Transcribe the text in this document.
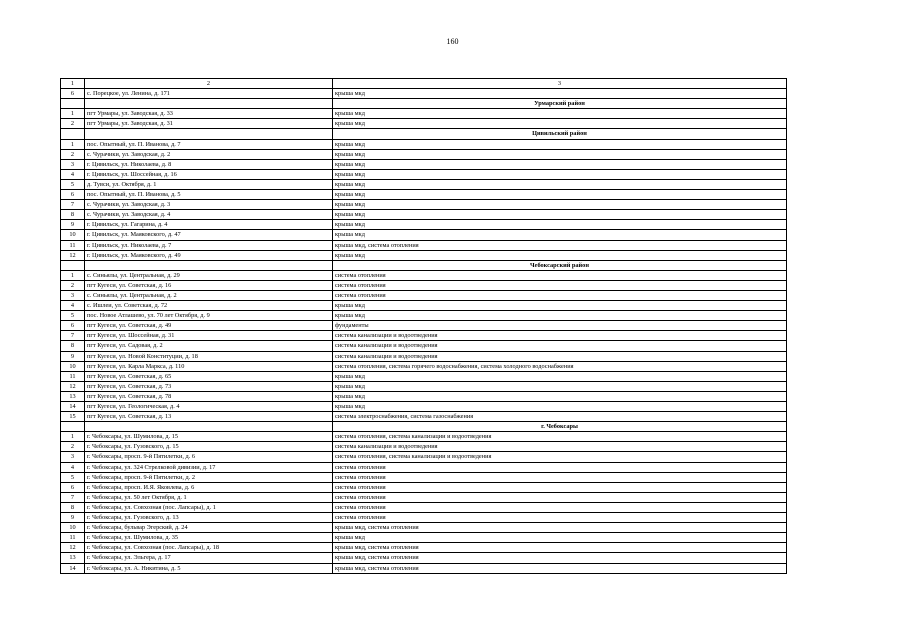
160
1	2	3
6	с. Порецкое, ул. Ленина, д. 171	крыша мкд
		Урмарский район
1	пгт Урмары, ул. Заводская, д. 33	крыша мкд
2	пгт Урмары, ул. Заводская, д. 31	крыша мкд
		Цивильский район
1	пос. Опытный, ул. П. Иванова, д. 7	крыша мкд
2	с. Чурачики, ул. Заводская, д. 2	крыша мкд
3	г. Цивильск, ул. Николаева, д. 8	крыша мкд
4	г. Цивильск, ул. Шоссейная, д. 16	крыша мкд
5	д. Тувси, ул. Октября, д. 1	крыша мкд
6	пос. Опытный, ул. П. Иванова, д. 5	крыша мкд
7	с. Чурачики, ул. Заводская, д. 3	крыша мкд
8	с. Чурачики, ул. Заводская, д. 4	крыша мкд
9	г. Цивильск, ул. Гагарина, д. 4	крыша мкд
10	г. Цивильск, ул. Маяковского, д. 47	крыша мкд
11	г. Цивильск, ул. Николаева, д. 7	крыша мкд, система отопления
12	г. Цивильск, ул. Маяковского, д. 49	крыша мкд
		Чебоксарский район
1	с. Синьялы, ул. Центральная, д. 29	система отопления
2	пгт Кугеси, ул. Советская, д. 16	система отопления
3	с. Синьялы, ул. Центральная, д. 2	система отопления
4	с. Ишлеи, ул. Советская, д. 72	крыша мкд
5	пос. Новое Атлашево, ул. 70 лет Октября, д. 9	крыша мкд
6	пгт Кугеси, ул. Советская, д. 49	фундаменты
7	пгт Кугеси, ул. Шоссейная, д. 31	система канализации и водоотведения
8	пгт Кугеси, ул. Садовая, д. 2	система канализации и водоотведения
9	пгт Кугеси, ул. Новой Конституции, д. 18	система канализации и водоотведения
10	пгт Кугеси, ул. Карла Маркса, д. 110	система отопления, система горячего водоснабжения, система холодного водоснабжения
11	пгт Кугеси, ул. Советская, д. 65	крыша мкд
12	пгт Кугеси, ул. Советская, д. 73	крыша мкд
13	пгт Кугеси, ул. Советская, д. 78	крыша мкд
14	пгт Кугеси, ул. Геологическая, д. 4	крыша мкд
15	пгт Кугеси, ул. Советская, д. 13	система электроснабжения, система газоснабжения
		г. Чебоксары
1	г. Чебоксары, ул. Шумилова, д. 15	система отопления, система канализации и водоотведения
2	г. Чебоксары, ул. Гузовского, д. 15	система канализации и водоотведения
3	г. Чебоксары, просп. 9-й Пятилетки, д. 6	система отопления, система канализации и водоотведения
4	г. Чебоксары, ул. 324 Стрелковой дивизии, д. 17	система отопления
5	г. Чебоксары, просп. 9-й Пятилетки, д. 2	система отопления
6	г. Чебоксары, просп. И.Я. Яковлева, д. 6	система отопления
7	г. Чебоксары, ул. 50 лет Октября, д. 1	система отопления
8	г. Чебоксары, ул. Совхозная (пос. Лапсары), д. 1	система отопления
9	г. Чебоксары, ул. Гузовского, д. 13	система отопления
10	г. Чебоксары, бульвар Эгерский, д. 24	крыша мкд, система отопления
11	г. Чебоксары, ул. Шумилова, д. 35	крыша мкд
12	г. Чебоксары, ул. Совхозная (пос. Лапсары), д. 18	крыша мкд, система отопления
13	г. Чебоксары, ул. Эльгера, д. 17	крыша мкд, система отопления
14	г. Чебоксары, ул. А. Никитина, д. 5	крыша мкд, система отопления
